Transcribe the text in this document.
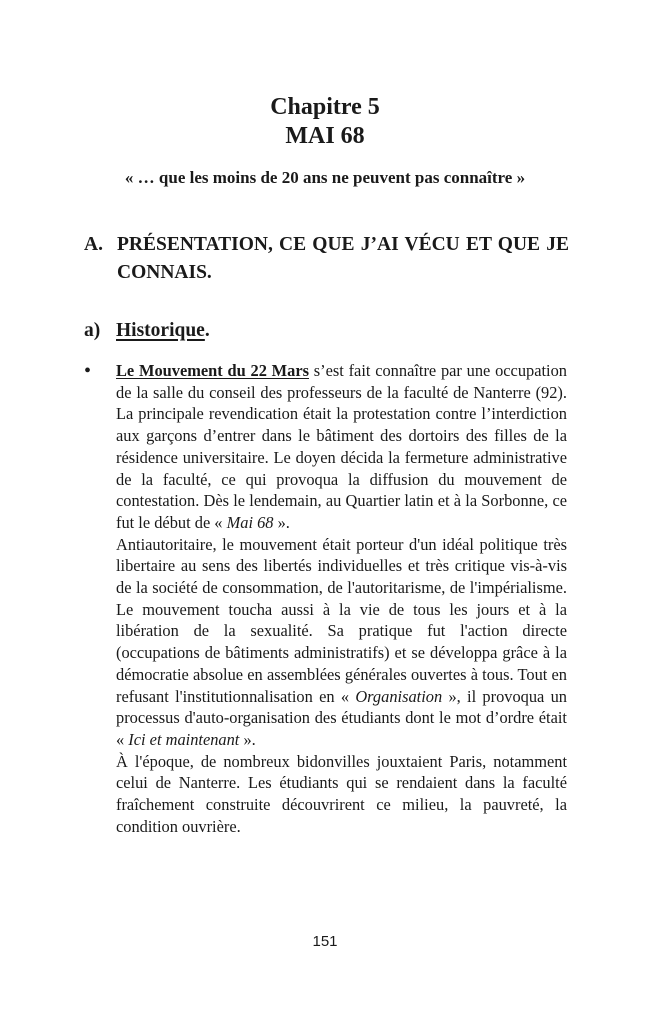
Chapitre 5
MAI 68
« … que les moins de 20 ans ne peuvent pas connaître »
A. PRÉSENTATION, CE QUE J’AI VÉCU ET QUE JE CONNAIS.
a) Historique.
• Le Mouvement du 22 Mars s’est fait connaître par une occupation de la salle du conseil des professeurs de la faculté de Nanterre (92). La principale revendication était la protestation contre l’interdiction aux garçons d’entrer dans le bâtiment des dortoirs des filles de la résidence universitaire. Le doyen décida la fermeture administrative de la faculté, ce qui provoqua la diffusion du mouvement de contestation. Dès le lendemain, au Quartier latin et à la Sorbonne, ce fut le début de « Mai 68 ».

Antiautoritaire, le mouvement était porteur d'un idéal politique très libertaire au sens des libertés individuelles et très critique vis-à-vis de la société de consommation, de l'autoritarisme, de l'impérialisme. Le mouvement toucha aussi à la vie de tous les jours et à la libération de la sexualité. Sa pratique fut l'action directe (occupations de bâtiments administratifs) et se développa grâce à la démocratie absolue en assemblées générales ouvertes à tous. Tout en refusant l'institutionnalisation en « Organisation », il provoqua un processus d'auto-organisation des étudiants dont le mot d’ordre était « Ici et maintenant ».

À l'époque, de nombreux bidonvilles jouxtaient Paris, notamment celui de Nanterre. Les étudiants qui se rendaient dans la faculté fraîchement construite découvrirent ce milieu, la pauvreté, la condition ouvrière.

151
